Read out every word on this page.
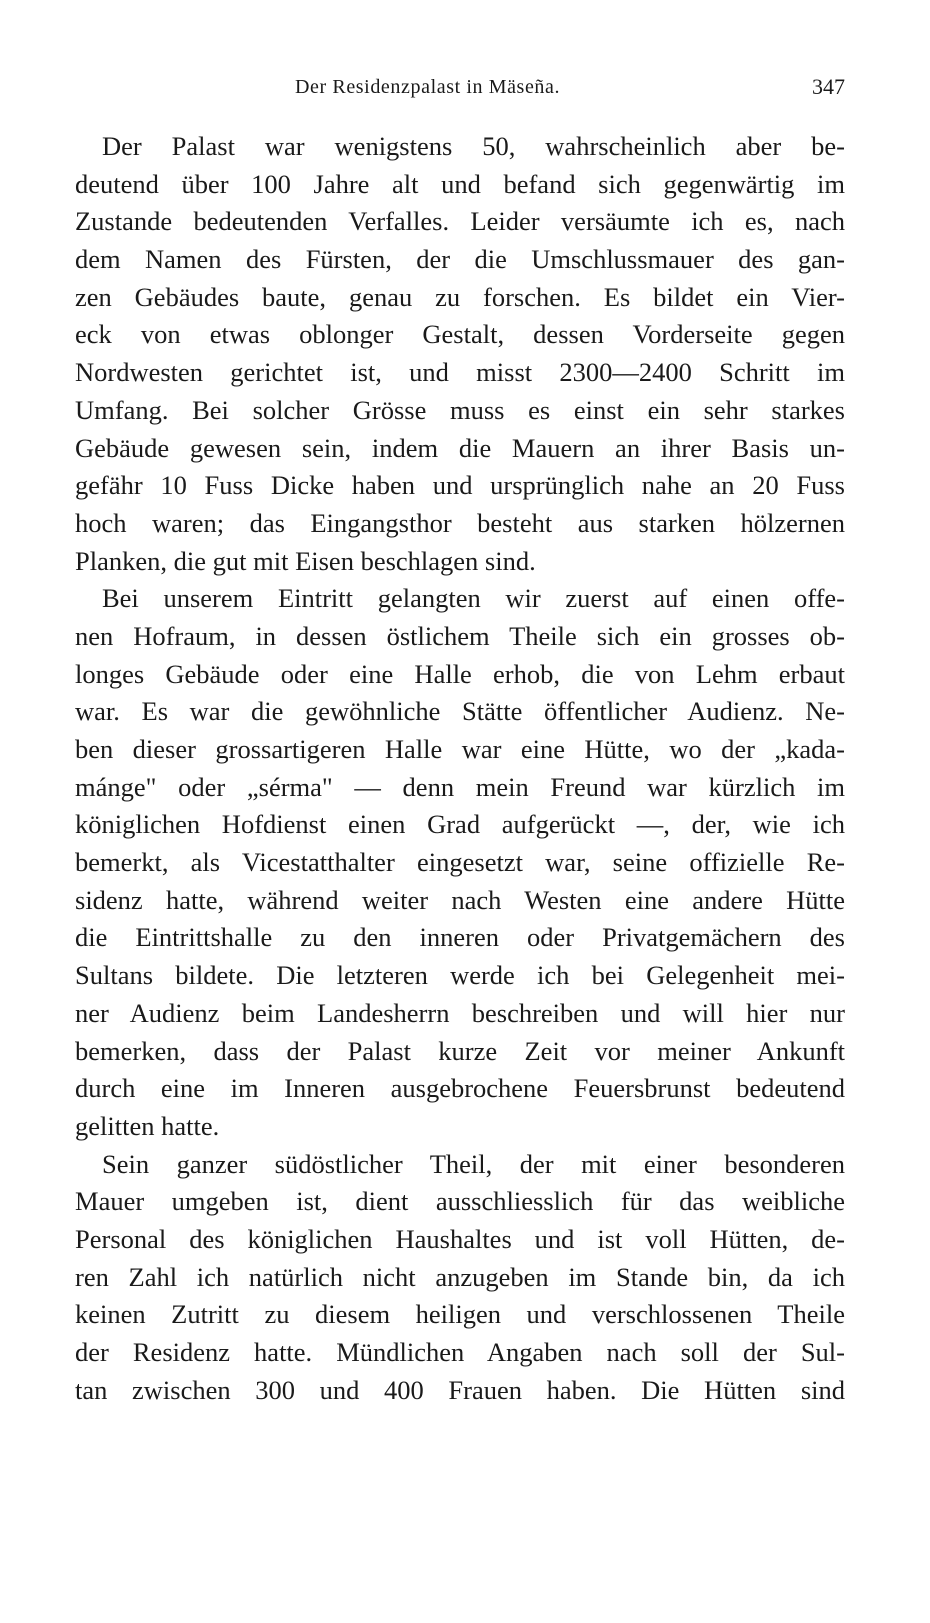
Der Residenzpalast in Mäseña.	347
Der Palast war wenigstens 50, wahrscheinlich aber be-
deutend über 100 Jahre alt und befand sich gegenwärtig im
Zustande bedeutenden Verfalles. Leider versäumte ich es, nach
dem Namen des Fürsten, der die Umschlussmauer des gan-
zen Gebäudes baute, genau zu forschen. Es bildet ein Vier-
eck von etwas oblonger Gestalt, dessen Vorderseite gegen
Nordwesten gerichtet ist, und misst 2300—2400 Schritt im
Umfang. Bei solcher Grösse muss es einst ein sehr starkes
Gebäude gewesen sein, indem die Mauern an ihrer Basis un-
gefähr 10 Fuss Dicke haben und ursprünglich nahe an 20 Fuss
hoch waren; das Eingangsthor besteht aus starken hölzernen
Planken, die gut mit Eisen beschlagen sind.
Bei unserem Eintritt gelangten wir zuerst auf einen offe-
nen Hofraum, in dessen östlichem Theile sich ein grosses ob-
longes Gebäude oder eine Halle erhob, die von Lehm erbaut
war. Es war die gewöhnliche Stätte öffentlicher Audienz. Ne-
ben dieser grossartigeren Halle war eine Hütte, wo der „kada-
mánge" oder „sérma" — denn mein Freund war kürzlich im
königlichen Hofdienst einen Grad aufgerückt —, der, wie ich
bemerkt, als Vicestatthalter eingesetzt war, seine offizielle Re-
sidenz hatte, während weiter nach Westen eine andere Hütte
die Eintrittshalle zu den inneren oder Privatgemächern des
Sultans bildete. Die letzteren werde ich bei Gelegenheit mei-
ner Audienz beim Landesherrn beschreiben und will hier nur
bemerken, dass der Palast kurze Zeit vor meiner Ankunft
durch eine im Inneren ausgebrochene Feuersbrunst bedeutend
gelitten hatte.
Sein ganzer südöstlicher Theil, der mit einer besonderen
Mauer umgeben ist, dient ausschliesslich für das weibliche
Personal des königlichen Haushaltes und ist voll Hütten, de-
ren Zahl ich natürlich nicht anzugeben im Stande bin, da ich
keinen Zutritt zu diesem heiligen und verschlossenen Theile
der Residenz hatte. Mündlichen Angaben nach soll der Sul-
tan zwischen 300 und 400 Frauen haben. Die Hütten sind
